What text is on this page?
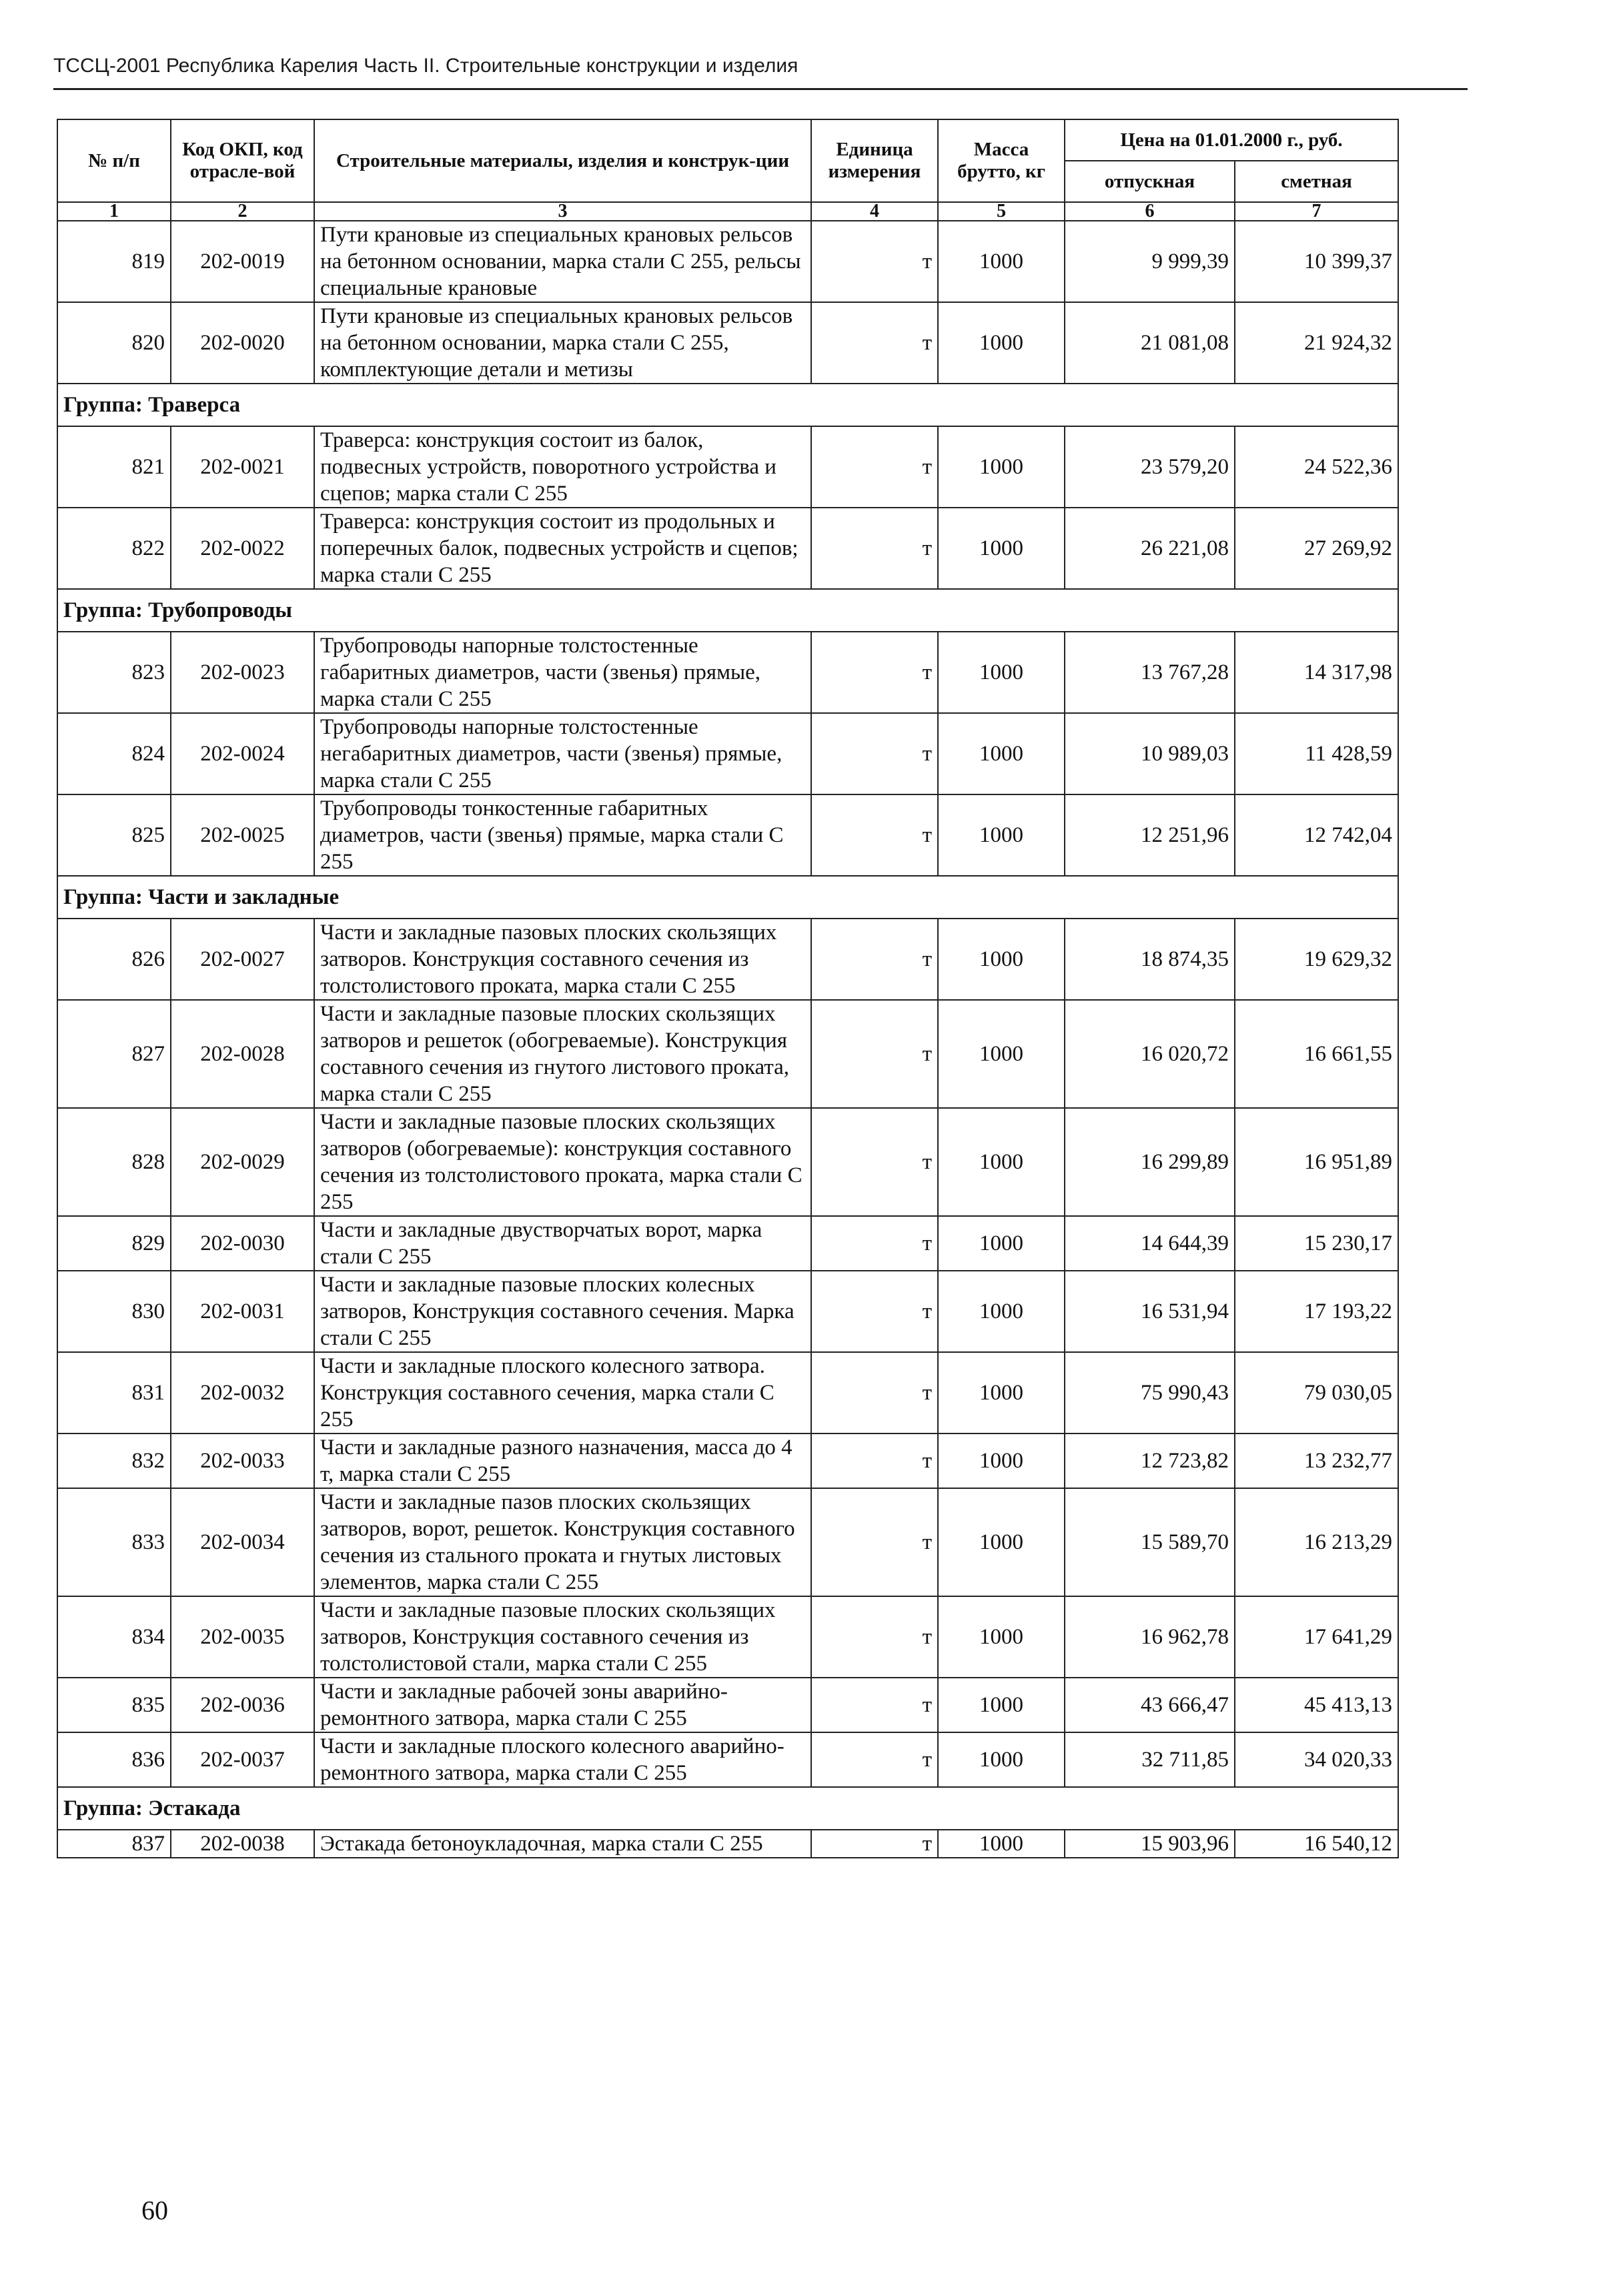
ТССЦ-2001 Республика Карелия Часть II. Строительные конструкции и изделия
№ п/п	Код ОКП, код отрасле-вой	Строительные материалы, изделия и конструк-ции	Единица измерения	Масса брутто, кг	Цена на 01.01.2000 г., руб.	
					отпускная	сметная
1	2	3	4	5	6	7
819	202-0019	Пути крановые из специальных крановых рельсов на бетонном основании, марка стали С 255, рельсы специальные крановые	т	1000	9 999,39	10 399,37
820	202-0020	Пути крановые из специальных крановых рельсов на бетонном основании, марка стали С 255, комплектующие детали и метизы	т	1000	21 081,08	21 924,32
Группа: Траверса						
821	202-0021	Траверса: конструкция состоит из балок, подвесных устройств, поворотного устройства и сцепов; марка стали С 255	т	1000	23 579,20	24 522,36
822	202-0022	Траверса: конструкция состоит из продольных и поперечных балок, подвесных устройств и сцепов; марка стали С 255	т	1000	26 221,08	27 269,92
Группа: Трубопроводы						
823	202-0023	Трубопроводы напорные толстостенные габаритных диаметров, части (звенья) прямые, марка стали С 255	т	1000	13 767,28	14 317,98
824	202-0024	Трубопроводы напорные толстостенные негабаритных диаметров, части (звенья) прямые, марка стали С 255	т	1000	10 989,03	11 428,59
825	202-0025	Трубопроводы тонкостенные габаритных диаметров, части (звенья) прямые, марка стали С 255	т	1000	12 251,96	12 742,04
Группа: Части и закладные						
826	202-0027	Части и закладные пазовых плоских скользящих затворов. Конструкция составного сечения из толстолистового проката, марка стали С 255	т	1000	18 874,35	19 629,32
827	202-0028	Части и закладные пазовые плоских скользящих затворов и решеток (обогреваемые). Конструкция составного сечения из гнутого листового проката, марка стали С 255	т	1000	16 020,72	16 661,55
828	202-0029	Части и закладные пазовые плоских скользящих затворов (обогреваемые): конструкция составного сечения из толстолистового проката, марка стали С 255	т	1000	16 299,89	16 951,89
829	202-0030	Части и закладные двустворчатых ворот, марка стали С 255	т	1000	14 644,39	15 230,17
830	202-0031	Части и закладные пазовые плоских колесных затворов, Конструкция составного сечения. Марка стали С 255	т	1000	16 531,94	17 193,22
831	202-0032	Части и закладные плоского колесного затвора. Конструкция составного сечения, марка стали С 255	т	1000	75 990,43	79 030,05
832	202-0033	Части и закладные разного назначения, масса до 4 т, марка стали С 255	т	1000	12 723,82	13 232,77
833	202-0034	Части и закладные пазов плоских скользящих затворов, ворот, решеток. Конструкция составного сечения из стального проката и гнутых листовых элементов, марка стали С 255	т	1000	15 589,70	16 213,29
834	202-0035	Части и закладные пазовые плоских скользящих затворов, Конструкция составного сечения из толстолистовой стали, марка стали С 255	т	1000	16 962,78	17 641,29
835	202-0036	Части и закладные рабочей зоны аварийно-ремонтного затвора, марка стали С 255	т	1000	43 666,47	45 413,13
836	202-0037	Части и закладные плоского колесного аварийно-ремонтного затвора, марка стали С 255	т	1000	32 711,85	34 020,33
Группа: Эстакада						
837	202-0038	Эстакада бетоноукладочная, марка стали С 255	т	1000	15 903,96	16 540,12
60
